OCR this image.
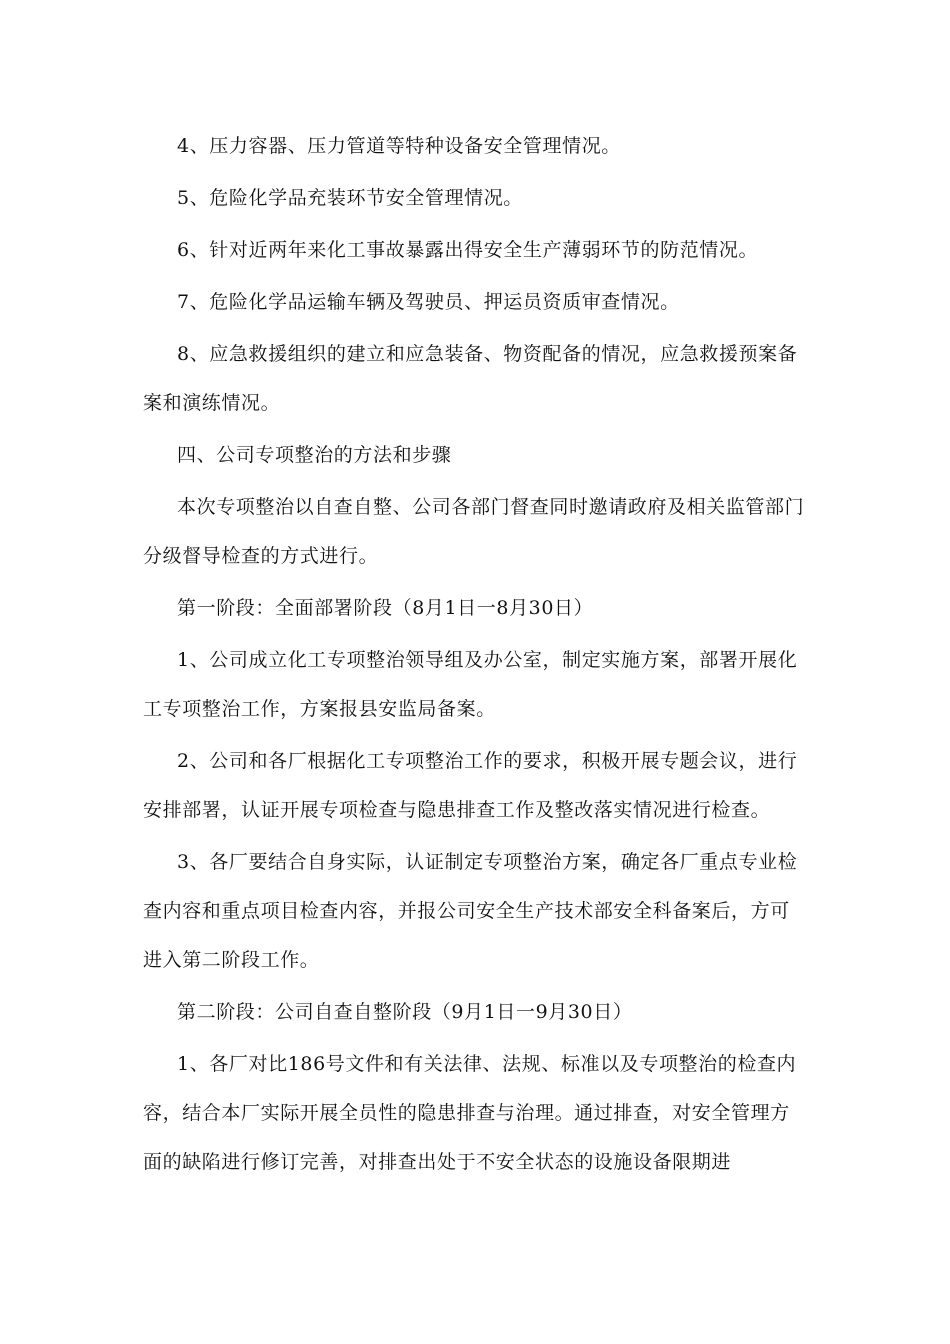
4、压力容器、压力管道等特种设备安全管理情况。

5、危险化学品充装环节安全管理情况。

6、针对近两年来化工事故暴露出得安全生产薄弱环节的防范情况。

7、危险化学品运输车辆及驾驶员、押运员资质审查情况。

8、应急救援组织的建立和应急装备、物资配备的情况，应急救援预案备案和演练情况。

四、公司专项整治的方法和步骤

本次专项整治以自查自整、公司各部门督查同时邀请政府及相关监管部门分级督导检查的方式进行。

第一阶段：全面部署阶段（8月1日一8月30日）

1、公司成立化工专项整治领导组及办公室，制定实施方案，部署开展化工专项整治工作，方案报县安监局备案。

2、公司和各厂根据化工专项整治工作的要求，积极开展专题会议，进行安排部署，认证开展专项检查与隐患排查工作及整改落实情况进行检查。

3、各厂要结合自身实际，认证制定专项整治方案，确定各厂重点专业检查内容和重点项目检查内容，并报公司安全生产技术部安全科备案后，方可进入第二阶段工作。

第二阶段：公司自查自整阶段（9月1日一9月30日）

1、各厂对比186号文件和有关法律、法规、标准以及专项整治的检查内容，结合本厂实际开展全员性的隐患排查与治理。通过排查，对安全管理方面的缺陷进行修订完善，对排查出处于不安全状态的设施设备限期进
